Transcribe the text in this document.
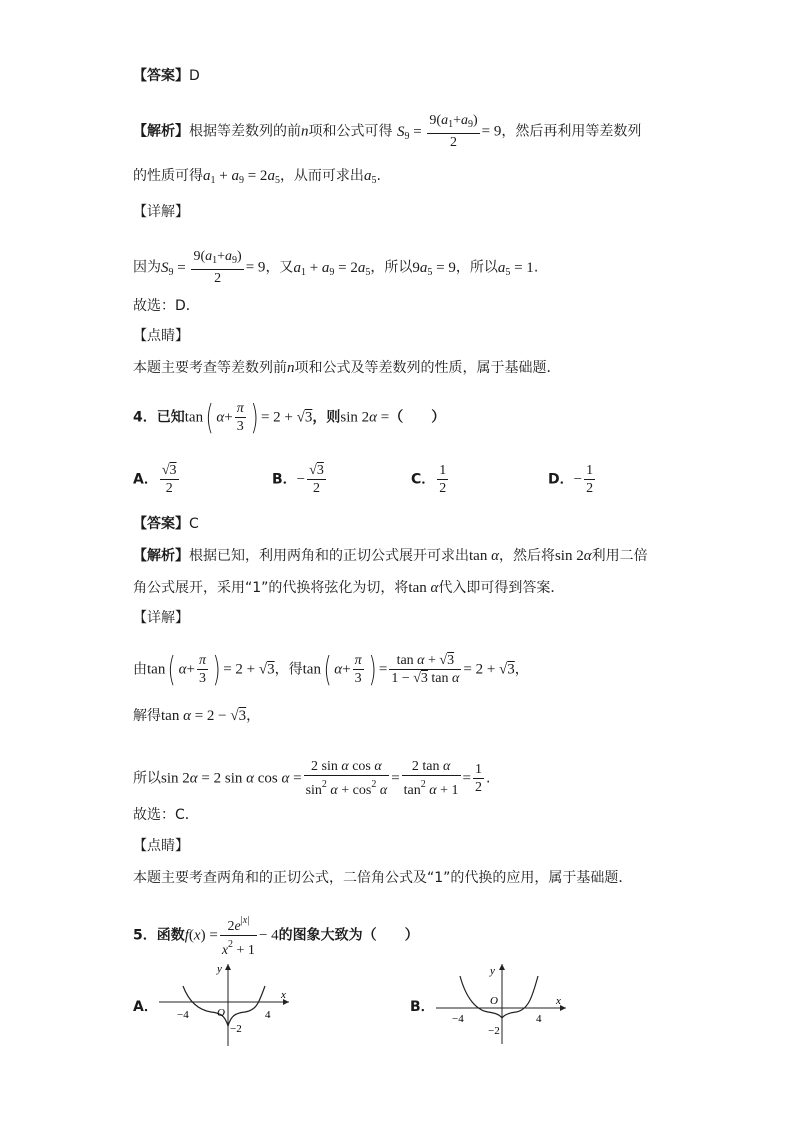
【答案】D
【解析】根据等差数列的前n项和公式可得 $S_9 = \frac{9(a_1+a_9)}{2} = 9$，然后再利用等差数列
的性质可得$a_1 + a_9 = 2a_5$，从而可求出$a_5$.
【详解】
因为$S_9 = \frac{9(a_1+a_9)}{2} = 9$，又$a_1 + a_9 = 2a_5$，所以$9a_5 = 9$，所以$a_5 = 1$.
故选：D．
【点睛】
本题主要考查等差数列前n项和公式及等差数列的性质，属于基础题．
4．已知tan( $\alpha+ \frac{\pi}{3}$ ) = 2 + √3，则sin 2α =（　　）
A． $\frac{√3}{2}$	B．− $\frac{√3}{2}$	C． $\frac{1}{2}$	D．− $\frac{1}{2}$
【答案】C
【解析】根据已知，利用两角和的正切公式展开可求出tan α，然后将sin 2α利用二倍
角公式展开，采用“1”的代换将弦化为切，将tan α代入即可得到答案．
【详解】
由tan( $\alpha+ \frac{\pi}{3}$ ) = 2 + √3，得tan( $\alpha+ \frac{\pi}{3}$ ) = $\frac{\text{tan α + √3}}{\text{1 − √3 tan α}} = 2 + √3$，
解得tan α = 2 − √3，
所以sin 2α = 2 sin α $\cos \alpha = \frac{\text{2 sin α cos α}}{\sin^2 \alpha + \cos^2 \alpha} = \frac{\text{2 tan α}}{\tan^2 \alpha + 1} = \frac{1}{2}$ .
故选：C．
【点睛】
本题主要考查两角和的正切公式，二倍角公式及“1”的代换的应用，属于基础题．
5．函数$f(x) = \frac{2e^{|x|}}{x^2 + 1} - 4$的图象大致为（　　）
A．	B．
x
y
O
−4	4
−2
x
y
O
−4	4
−2
